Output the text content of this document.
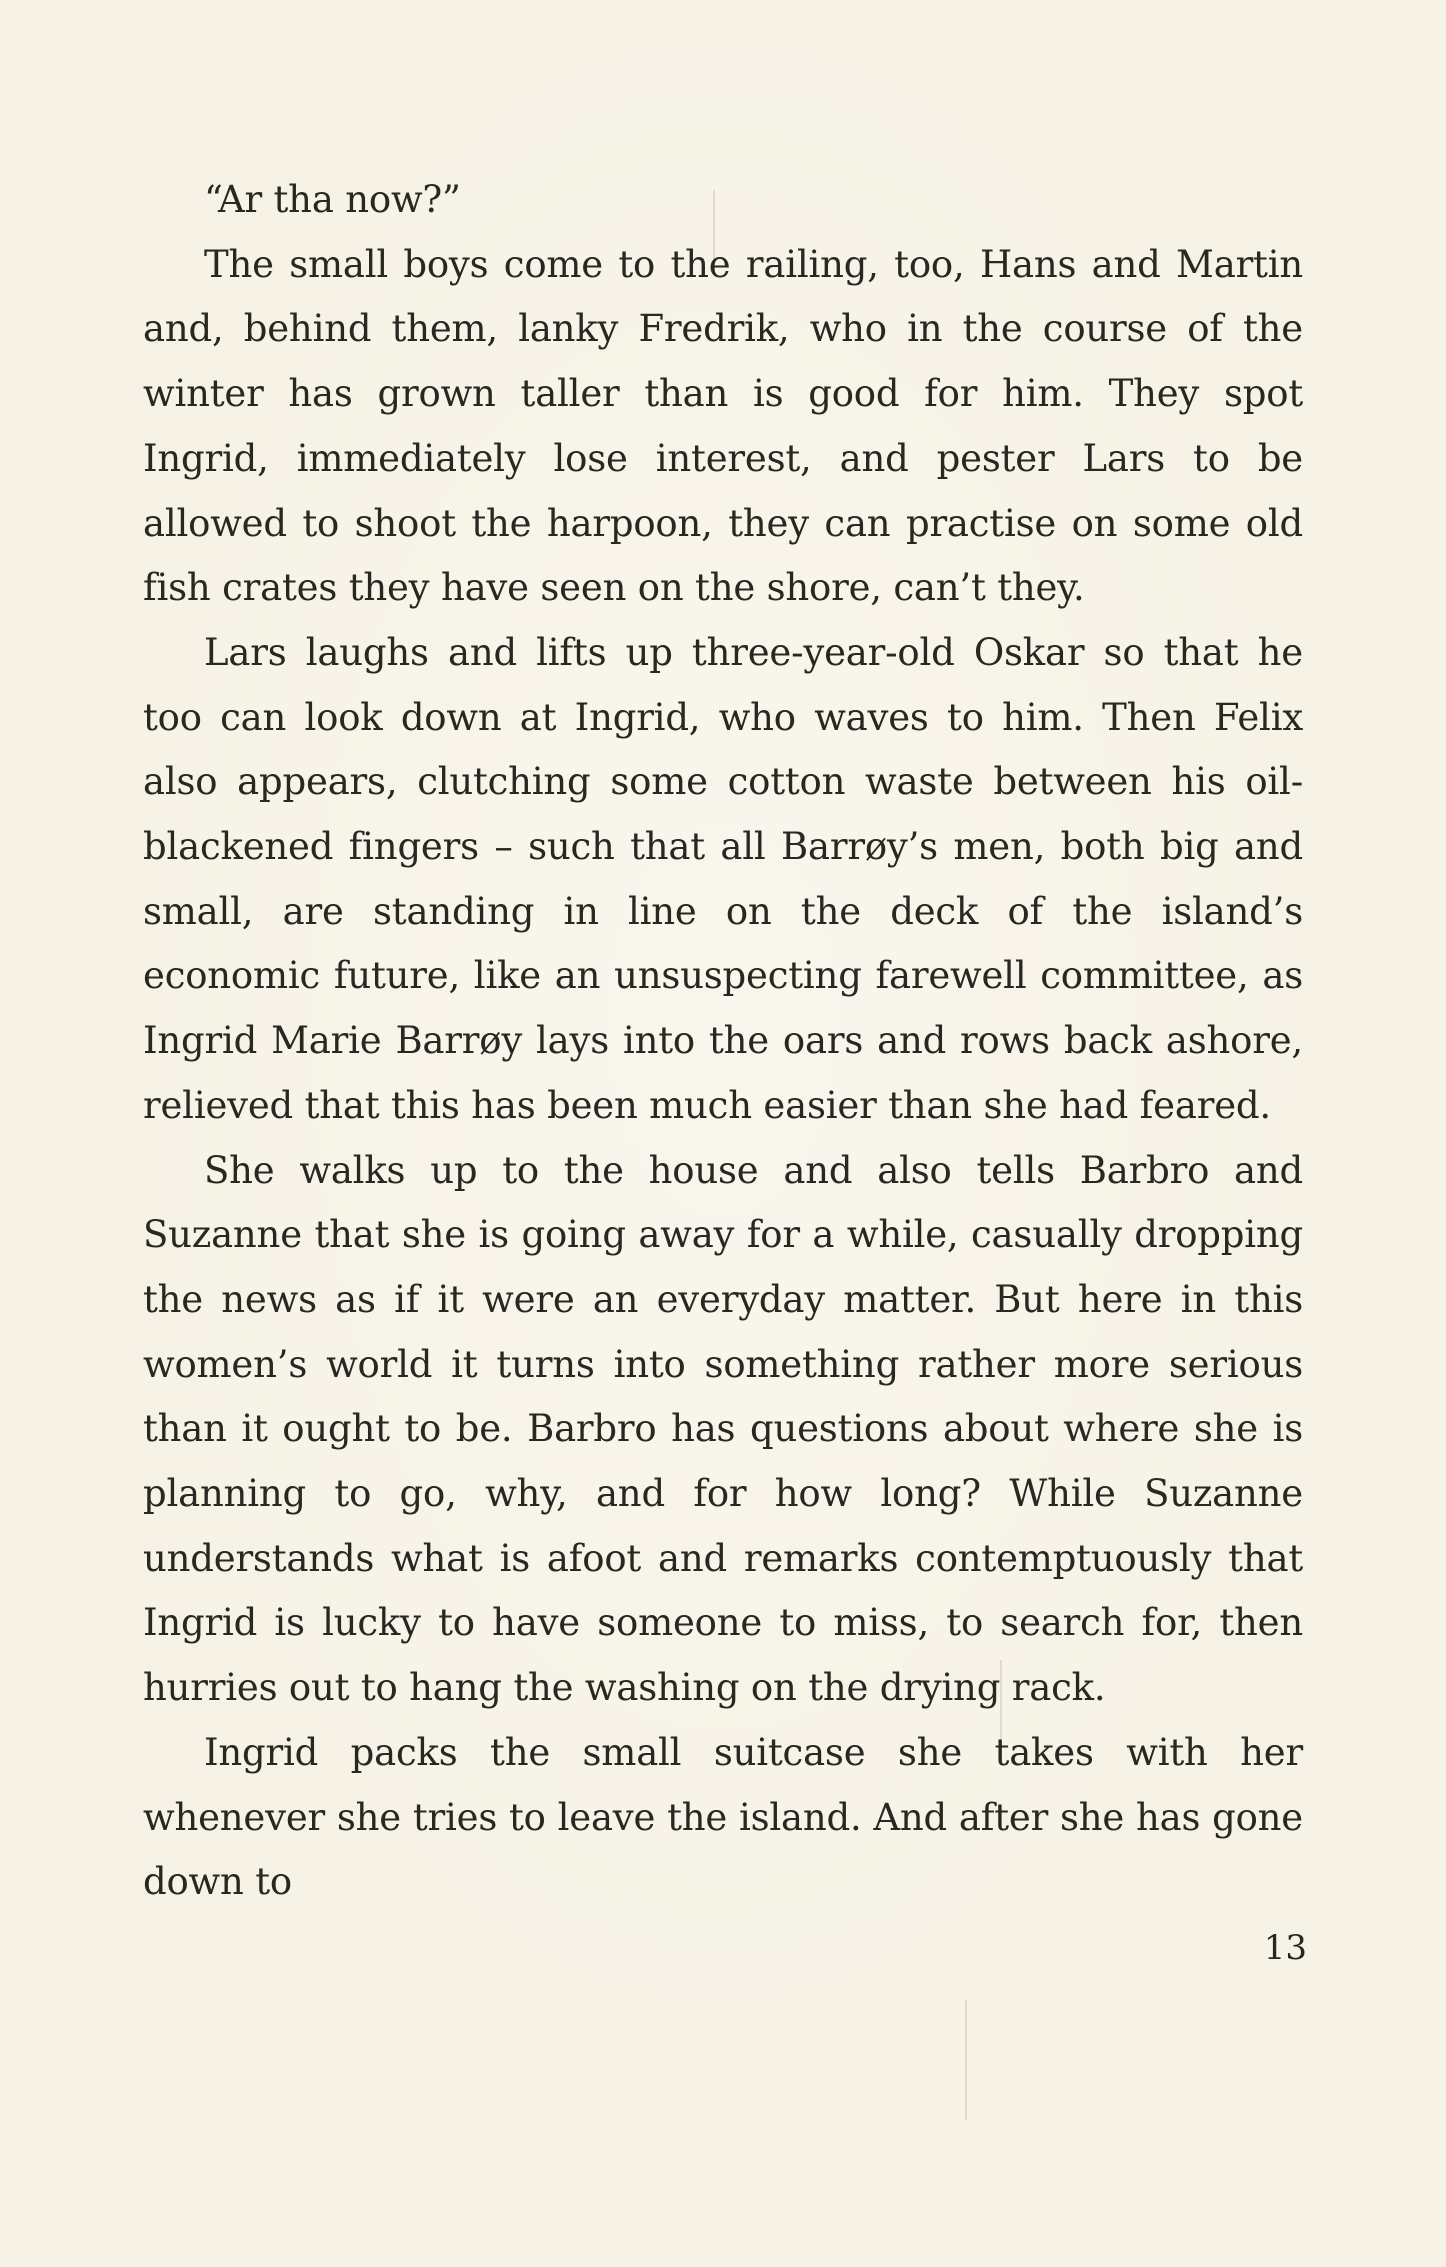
“Ar tha now?”

The small boys come to the railing, too, Hans and Martin and, behind them, lanky Fredrik, who in the course of the winter has grown taller than is good for him. They spot Ingrid, immediately lose interest, and pester Lars to be allowed to shoot the harpoon, they can practise on some old fish crates they have seen on the shore, can’t they.

Lars laughs and lifts up three-year-old Oskar so that he too can look down at Ingrid, who waves to him. Then Felix also appears, clutching some cotton waste between his oil-blackened fingers – such that all Barrøy’s men, both big and small, are standing in line on the deck of the island’s economic future, like an unsuspecting farewell committee, as Ingrid Marie Barrøy lays into the oars and rows back ashore, relieved that this has been much easier than she had feared.

She walks up to the house and also tells Barbro and Suzanne that she is going away for a while, casually dropping the news as if it were an everyday matter. But here in this women’s world it turns into something rather more serious than it ought to be. Barbro has questions about where she is planning to go, why, and for how long? While Suzanne understands what is afoot and remarks contemptuously that Ingrid is lucky to have someone to miss, to search for, then hurries out to hang the washing on the drying rack.

Ingrid packs the small suitcase she takes with her whenever she tries to leave the island. And after she has gone down to

13
